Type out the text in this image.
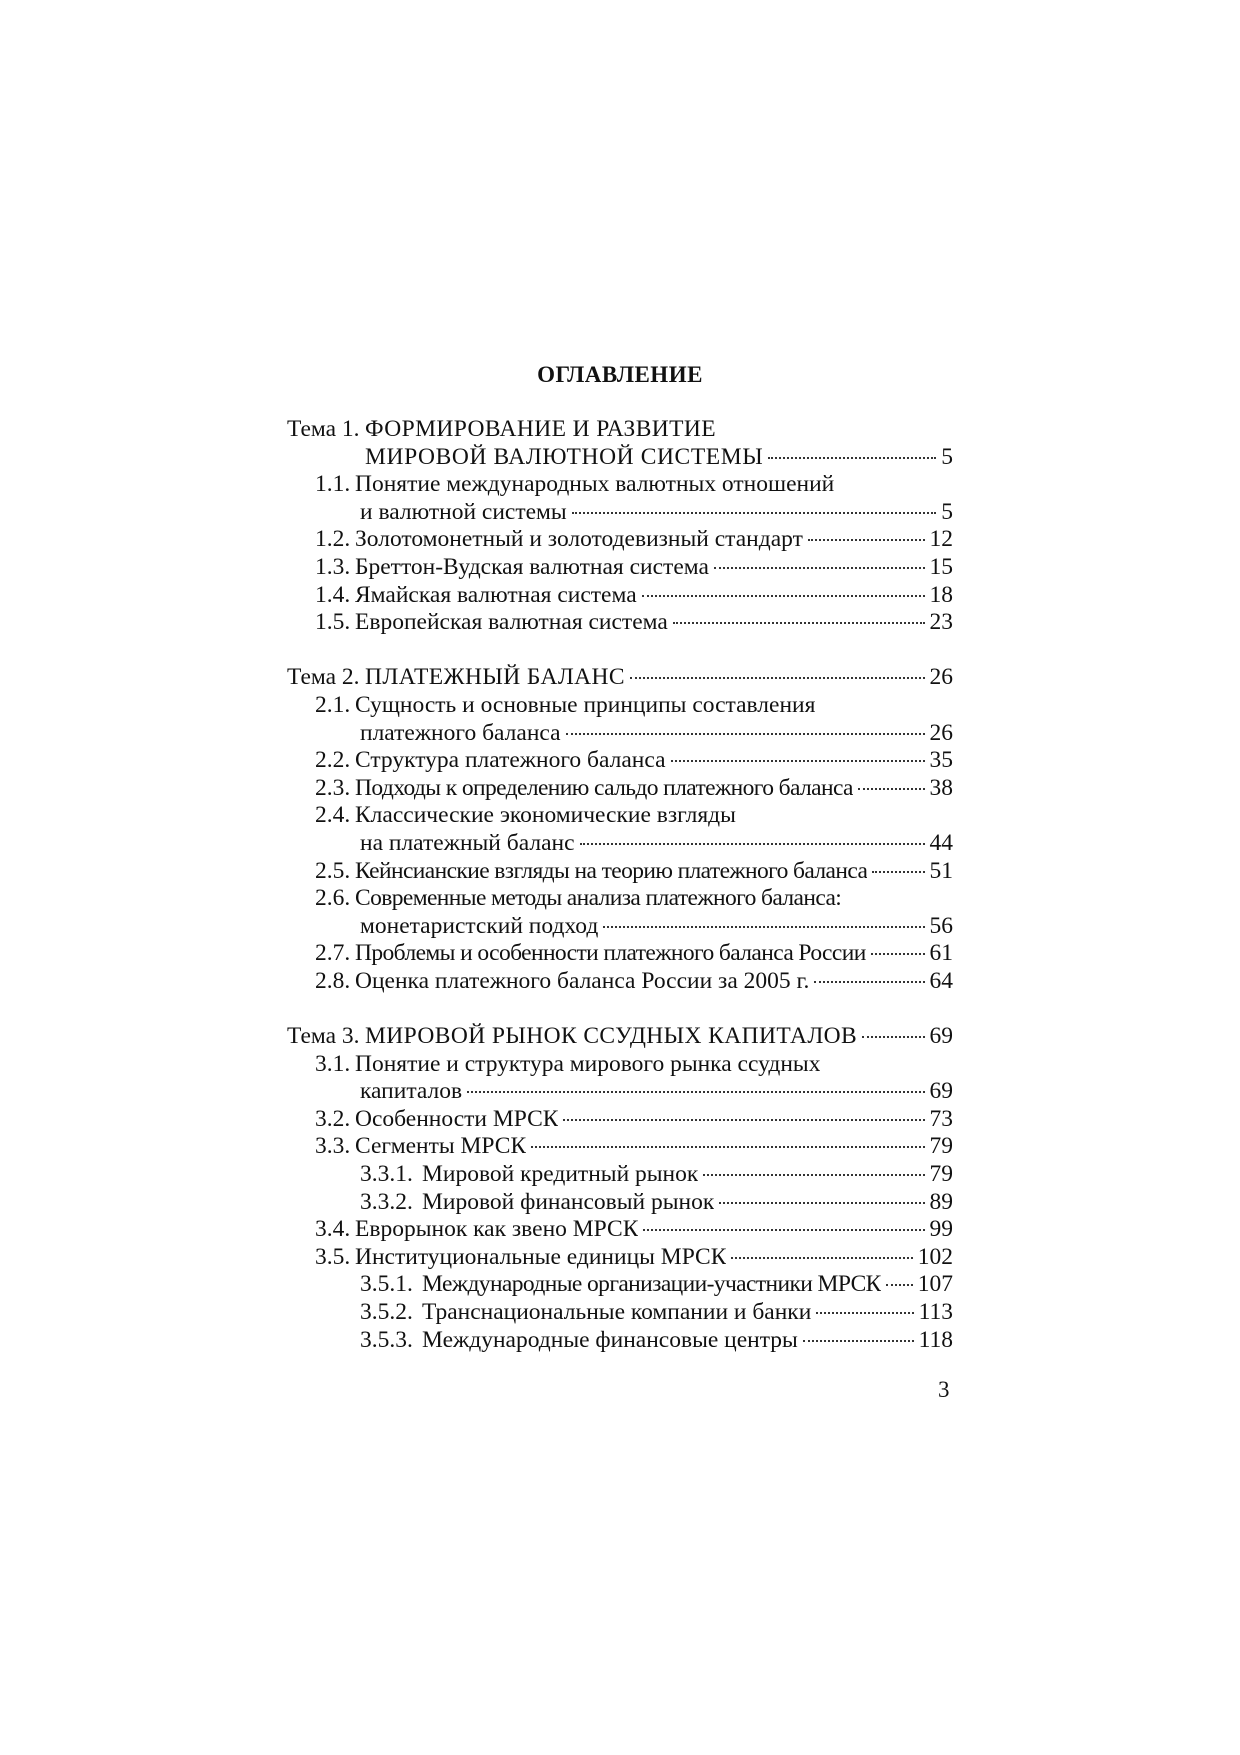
ОГЛАВЛЕНИЕ
Тема 1. ФОРМИРОВАНИЕ И РАЗВИТИЕ
МИРОВОЙ ВАЛЮТНОЙ СИСТЕМЫ	5
1.1. Понятие международных валютных отношений
и валютной системы	5
1.2. Золотомонетный и золотодевизный стандарт	12
1.3. Бреттон-Вудская валютная система	15
1.4. Ямайская валютная система	18
1.5. Европейская валютная система	23
Тема 2. ПЛАТЕЖНЫЙ БАЛАНС	26
2.1. Сущность и основные принципы составления
платежного баланса	26
2.2. Структура платежного баланса	35
2.3. Подходы к определению сальдо платежного баланса	38
2.4. Классические экономические взгляды
на платежный баланс	44
2.5. Кейнсианские взгляды на теорию платежного баланса	51
2.6. Современные методы анализа платежного баланса:
монетаристский подход	56
2.7. Проблемы и особенности платежного баланса России	61
2.8. Оценка платежного баланса России за 2005 г.	64
Тема 3. МИРОВОЙ РЫНОК ССУДНЫХ КАПИТАЛОВ	69
3.1. Понятие и структура мирового рынка ссудных
капиталов	69
3.2. Особенности МРСК	73
3.3. Сегменты МРСК	79
3.3.1. Мировой кредитный рынок	79
3.3.2. Мировой финансовый рынок	89
3.4. Еврорынок как звено МРСК	99
3.5. Институциональные единицы МРСК	102
3.5.1. Международные организации-участники МРСК 107
3.5.2. Транснациональные компании и банки	113
3.5.3. Международные финансовые центры	118

3
